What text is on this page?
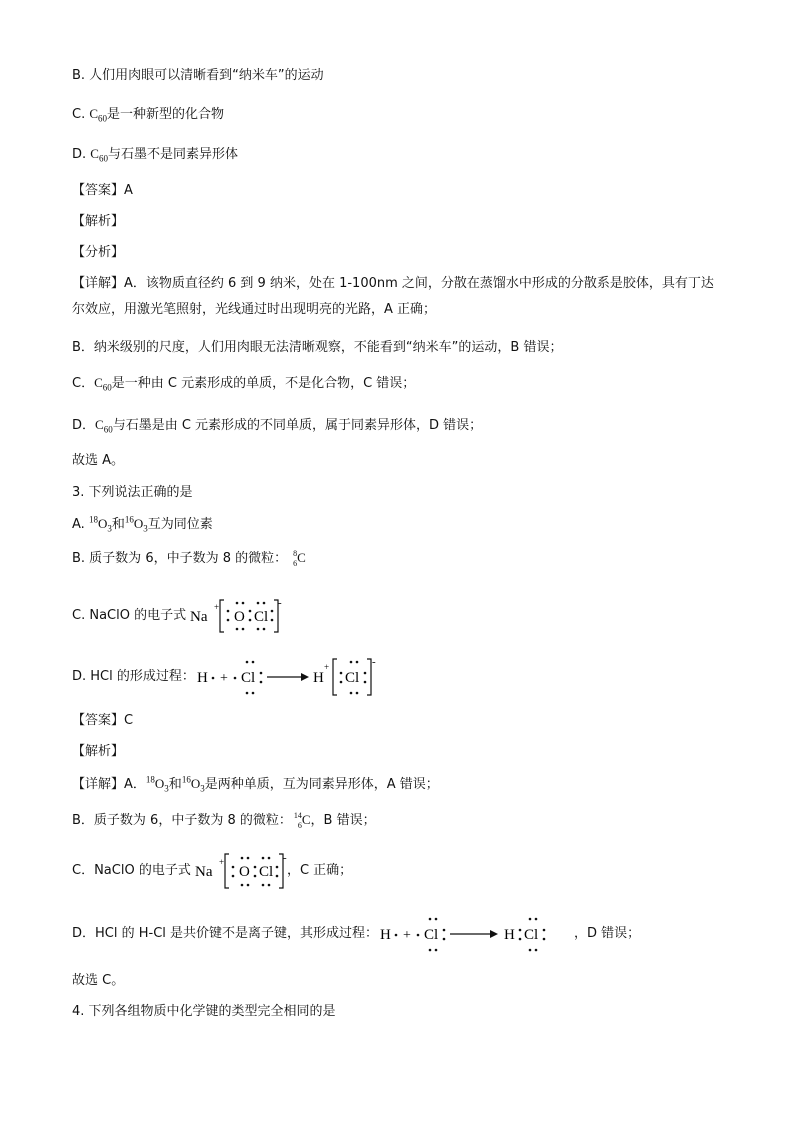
B. 人们用肉眼可以清晰看到“纳米车”的运动
C. $C_{60}$是一种新型的化合物
D. $C_{60}$与石墨不是同素异形体
【答案】A
【解析】
【分析】
【详解】A．该物质直径约 6 到 9 纳米，处在 1-100nm 之间，分散在蒸馏水中形成的分散系是胶体，具有丁达尔效应，用激光笔照射，光线通过时出现明亮的光路，A 正确；
B．纳米级别的尺度，人们用肉眼无法清晰观察，不能看到“纳米车”的运动，B 错误；
C．$C_{60}$是一种由 C 元素形成的单质，不是化合物，C 错误；
D．$C_{60}$与石墨是由 C 元素形成的不同单质，属于同素异形体，D 错误；
故选 A。
3. 下列说法正确的是
A. $^{18}O_3$和$^{16}O_3$互为同位素
B. 质子数为 6，中子数为 8 的微粒： 8
6 C
C. NaClO 的电子式 Na
+
O Cl
-
D. HCl 的形成过程： H + Cl	H
+
Cl
-
【答案】C
【解析】
【详解】A．$^{18}O_3$和$^{16}O_3$是两种单质，互为同素异形体，A 错误；
B．质子数为 6，中子数为 8 的微粒： 14
6 C，B 错误；
C．NaClO 的电子式 Na
+
O Cl
-
，C 正确；
D．HCl 的 H-Cl 是共价键不是离子键，其形成过程： H + Cl	H Cl	，D 错误；
故选 C。
4. 下列各组物质中化学键的类型完全相同的是
